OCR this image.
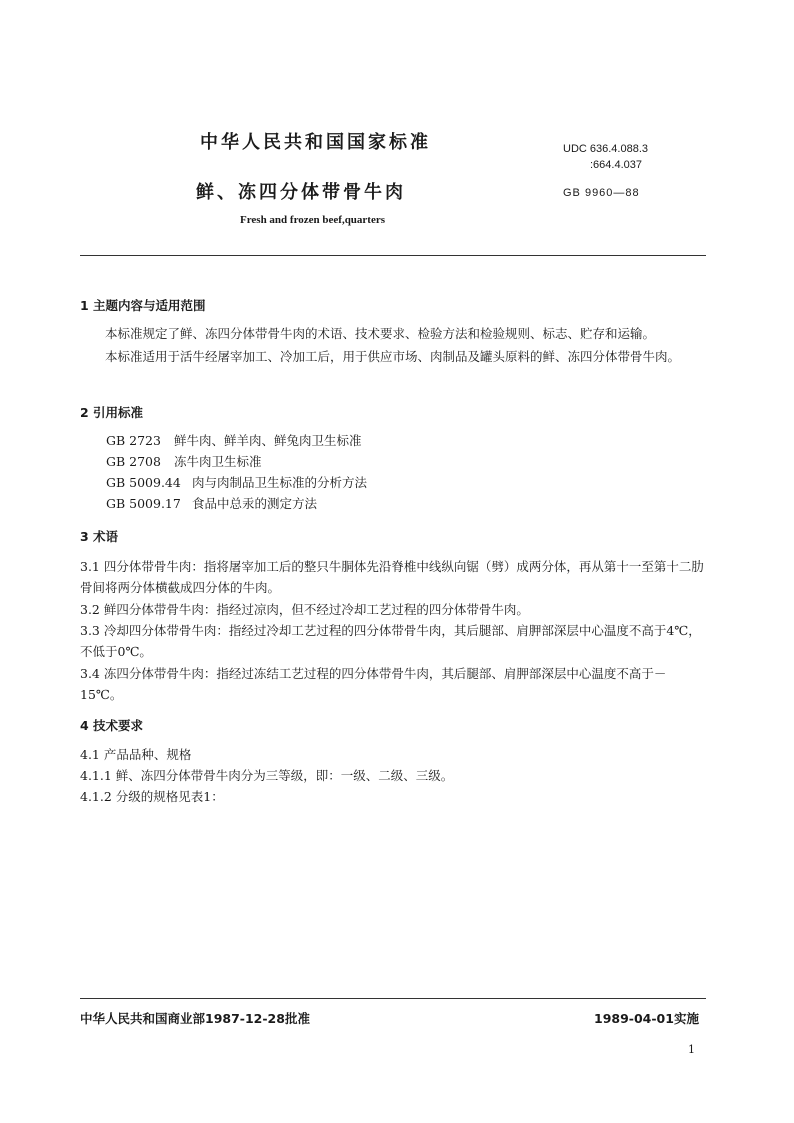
中华人民共和国国家标准
鲜、冻四分体带骨牛肉
Fresh and frozen beef,quarters
UDC 636.4.088.3
:664.4.037
GB 9960—88
1 主题内容与适用范围
本标准规定了鲜、冻四分体带骨牛肉的术语、技术要求、检验方法和检验规则、标志、贮存和运输。
本标准适用于活牛经屠宰加工、冷加工后，用于供应市场、肉制品及罐头原料的鲜、冻四分体带骨牛肉。
2 引用标准
GB 2723 鲜牛肉、鲜羊肉、鲜兔肉卫生标准
GB 2708 冻牛肉卫生标准
GB 5009.44 肉与肉制品卫生标准的分析方法
GB 5009.17 食品中总汞的测定方法
3 术语
3.1 四分体带骨牛肉：指将屠宰加工后的整只牛胴体先沿脊椎中线纵向锯（劈）成两分体，再从第十一至第十二肋骨间将两分体横截成四分体的牛肉。
3.2 鲜四分体带骨牛肉：指经过凉肉，但不经过冷却工艺过程的四分体带骨牛肉。
3.3 冷却四分体带骨牛肉：指经过冷却工艺过程的四分体带骨牛肉，其后腿部、肩胛部深层中心温度不高于4℃，不低于0℃。
3.4 冻四分体带骨牛肉：指经过冻结工艺过程的四分体带骨牛肉，其后腿部、肩胛部深层中心温度不高于－15℃。
4 技术要求
4.1 产品品种、规格
4.1.1 鲜、冻四分体带骨牛肉分为三等级，即：一级、二级、三级。
4.1.2 分级的规格见表1：
中华人民共和国商业部1987-12-28批准	1989-04-01实施
1
